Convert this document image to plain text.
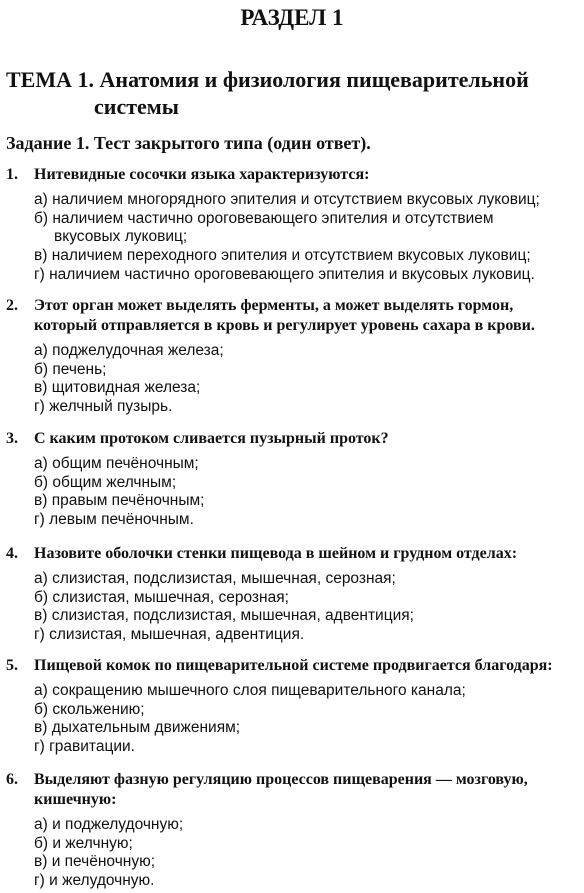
РАЗДЕЛ 1
ТЕМА 1. Анатомия и физиология пищеварительной
системы
Задание 1. Тест закрытого типа (один ответ).
1. Нитевидные сосочки языка характеризуются:
а) наличием многорядного эпителия и отсутствием вкусовых луковиц;
б) наличием частично ороговевающего эпителия и отсутствием
вкусовых луковиц;
в) наличием переходного эпителия и отсутствием вкусовых луковиц;
г) наличием частично ороговевающего эпителия и вкусовых луковиц.
2. Этот орган может выделять ферменты, а может выделять гормон,
который отправляется в кровь и регулирует уровень сахара в крови.
а) поджелудочная железа;
б) печень;
в) щитовидная железа;
г) желчный пузырь.
3. С каким протоком сливается пузырный проток?
а) общим печёночным;
б) общим желчным;
в) правым печёночным;
г) левым печёночным.
4. Назовите оболочки стенки пищевода в шейном и грудном отделах:
а) слизистая, подслизистая, мышечная, серозная;
б) слизистая, мышечная, серозная;
в) слизистая, подслизистая, мышечная, адвентиция;
г) слизистая, мышечная, адвентиция.
5. Пищевой комок по пищеварительной системе продвигается благодаря:
а) сокращению мышечного слоя пищеварительного канала;
б) скольжению;
в) дыхательным движениям;
г) гравитации.
6. Выделяют фазную регуляцию процессов пищеварения — мозговую,
кишечную:
а) и поджелудочную;
б) и желчную;
в) и печёночную;
г) и желудочную.
